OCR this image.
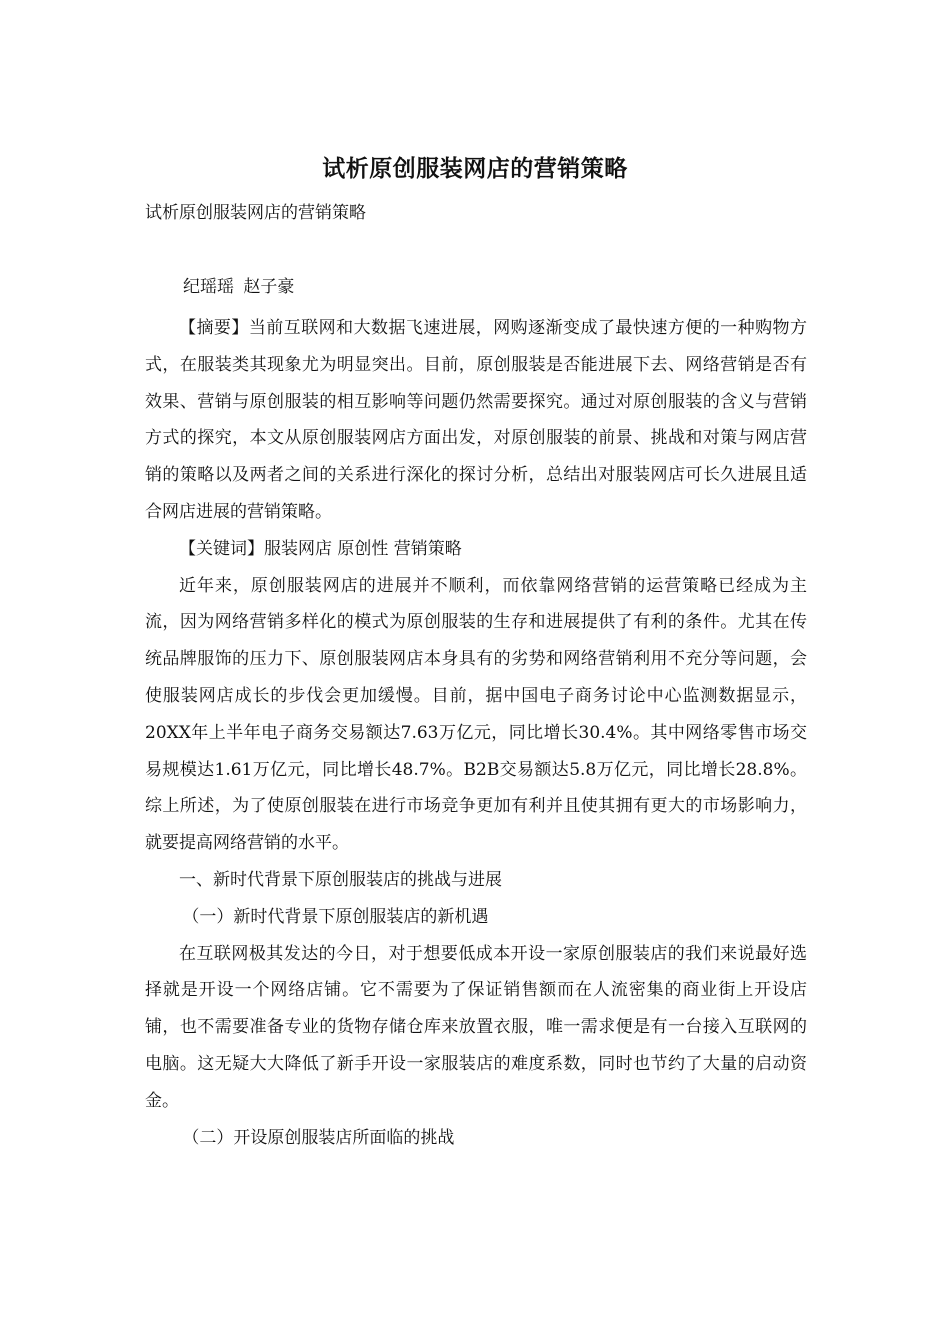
试析原创服装网店的营销策略
试析原创服装网店的营销策略
纪瑶瑶 赵子豪

【摘要】当前互联网和大数据飞速进展，网购逐渐变成了最快速方便的一种购物方式，在服装类其现象尤为明显突出。目前，原创服装是否能进展下去、网络营销是否有效果、营销与原创服装的相互影响等问题仍然需要探究。通过对原创服装的含义与营销方式的探究，本文从原创服装网店方面出发，对原创服装的前景、挑战和对策与网店营销的策略以及两者之间的关系进行深化的探讨分析，总结出对服装网店可长久进展且适合网店进展的营销策略。

【关键词】服装网店 原创性 营销策略

近年来，原创服装网店的进展并不顺利，而依靠网络营销的运营策略已经成为主流，因为网络营销多样化的模式为原创服装的生存和进展提供了有利的条件。尤其在传统品牌服饰的压力下、原创服装网店本身具有的劣势和网络营销利用不充分等问题，会使服装网店成长的步伐会更加缓慢。目前，据中国电子商务讨论中心监测数据显示，20XX年上半年电子商务交易额达7.63万亿元，同比增长30.4%。其中网络零售市场交易规模达1.61万亿元，同比增长48.7%。B2B交易额达5.8万亿元，同比增长28.8%。综上所述，为了使原创服装在进行市场竞争更加有利并且使其拥有更大的市场影响力，就要提高网络营销的水平。

一、新时代背景下原创服装店的挑战与进展

（一）新时代背景下原创服装店的新机遇

在互联网极其发达的今日，对于想要低成本开设一家原创服装店的我们来说最好选择就是开设一个网络店铺。它不需要为了保证销售额而在人流密集的商业街上开设店铺，也不需要准备专业的货物存储仓库来放置衣服，唯一需求便是有一台接入互联网的电脑。这无疑大大降低了新手开设一家服装店的难度系数，同时也节约了大量的启动资金。

（二）开设原创服装店所面临的挑战
